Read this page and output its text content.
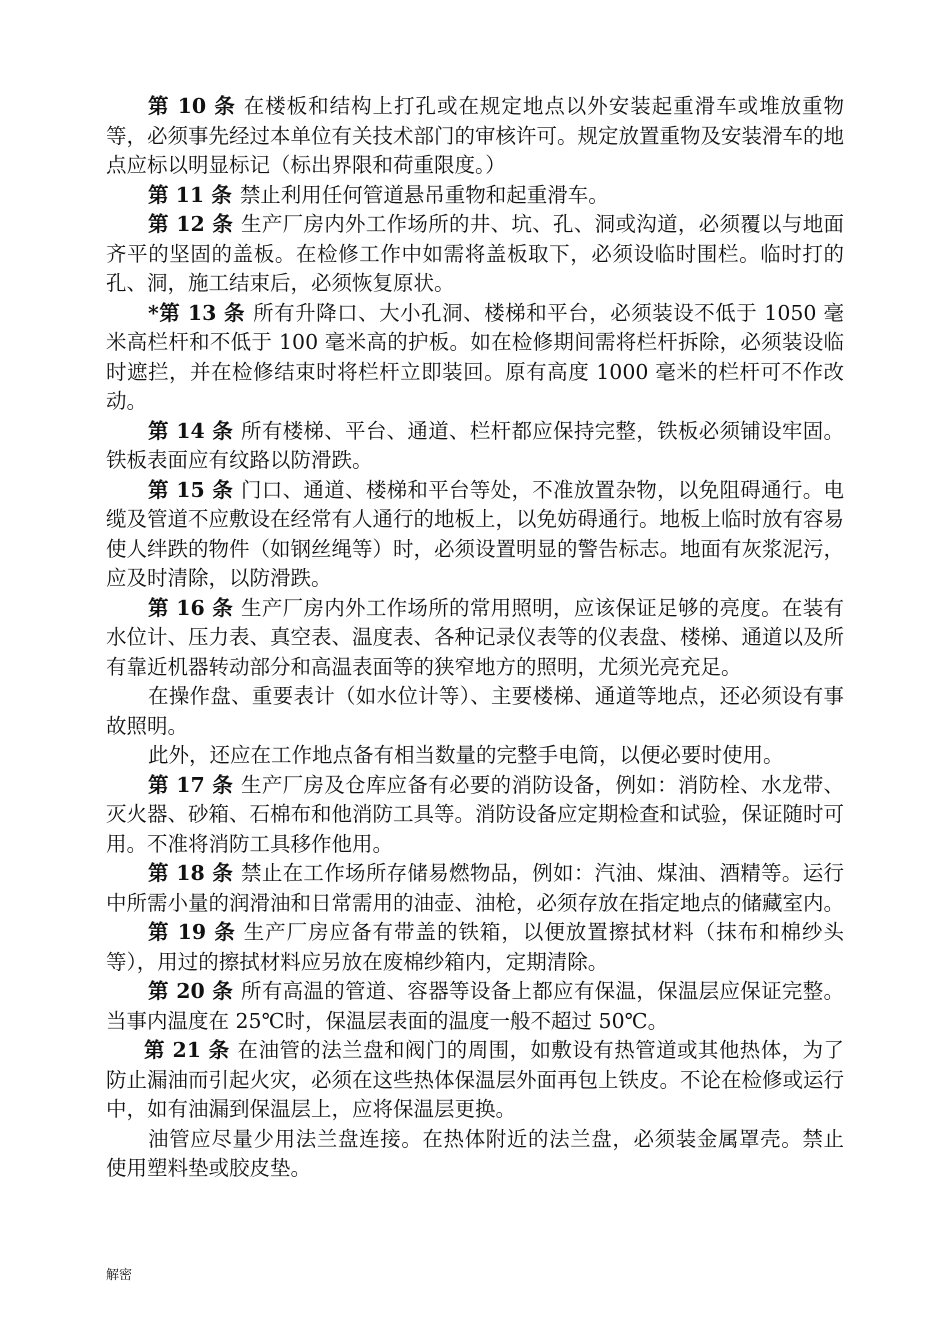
第 10 条 在楼板和结构上打孔或在规定地点以外安装起重滑车或堆放重物等，必须事先经过本单位有关技术部门的审核许可。规定放置重物及安装滑车的地点应标以明显标记（标出界限和荷重限度。）

第 11 条 禁止利用任何管道悬吊重物和起重滑车。

第 12 条 生产厂房内外工作场所的井、坑、孔、洞或沟道，必须覆以与地面齐平的坚固的盖板。在检修工作中如需将盖板取下，必须设临时围栏。临时打的孔、洞，施工结束后，必须恢复原状。

*第 13 条 所有升降口、大小孔洞、楼梯和平台，必须装设不低于 1050 毫米高栏杆和不低于 100 毫米高的护板。如在检修期间需将栏杆拆除，必须装设临时遮拦，并在检修结束时将栏杆立即装回。原有高度 1000 毫米的栏杆可不作改动。

第 14 条 所有楼梯、平台、通道、栏杆都应保持完整，铁板必须铺设牢固。铁板表面应有纹路以防滑跌。

第 15 条 门口、通道、楼梯和平台等处，不准放置杂物，以免阻碍通行。电缆及管道不应敷设在经常有人通行的地板上，以免妨碍通行。地板上临时放有容易使人绊跌的物件（如钢丝绳等）时，必须设置明显的警告标志。地面有灰浆泥污，应及时清除，以防滑跌。

第 16 条 生产厂房内外工作场所的常用照明，应该保证足够的亮度。在装有水位计、压力表、真空表、温度表、各种记录仪表等的仪表盘、楼梯、通道以及所有靠近机器转动部分和高温表面等的狭窄地方的照明，尤须光亮充足。

在操作盘、重要表计（如水位计等）、主要楼梯、通道等地点，还必须设有事故照明。

此外，还应在工作地点备有相当数量的完整手电筒，以便必要时使用。

第 17 条 生产厂房及仓库应备有必要的消防设备，例如：消防栓、水龙带、灭火器、砂箱、石棉布和他消防工具等。消防设备应定期检查和试验，保证随时可用。不准将消防工具移作他用。

第 18 条 禁止在工作场所存储易燃物品，例如：汽油、煤油、酒精等。运行中所需小量的润滑油和日常需用的油壶、油枪，必须存放在指定地点的储藏室内。

第 19 条 生产厂房应备有带盖的铁箱，以便放置擦拭材料（抹布和棉纱头等），用过的擦拭材料应另放在废棉纱箱内，定期清除。

第 20 条 所有高温的管道、容器等设备上都应有保温，保温层应保证完整。当事内温度在 25℃时，保温层表面的温度一般不超过 50℃。

第 21 条 在油管的法兰盘和阀门的周围，如敷设有热管道或其他热体，为了防止漏油而引起火灾，必须在这些热体保温层外面再包上铁皮。不论在检修或运行中，如有油漏到保温层上，应将保温层更换。

油管应尽量少用法兰盘连接。在热体附近的法兰盘，必须装金属罩壳。禁止使用塑料垫或胶皮垫。

解密
